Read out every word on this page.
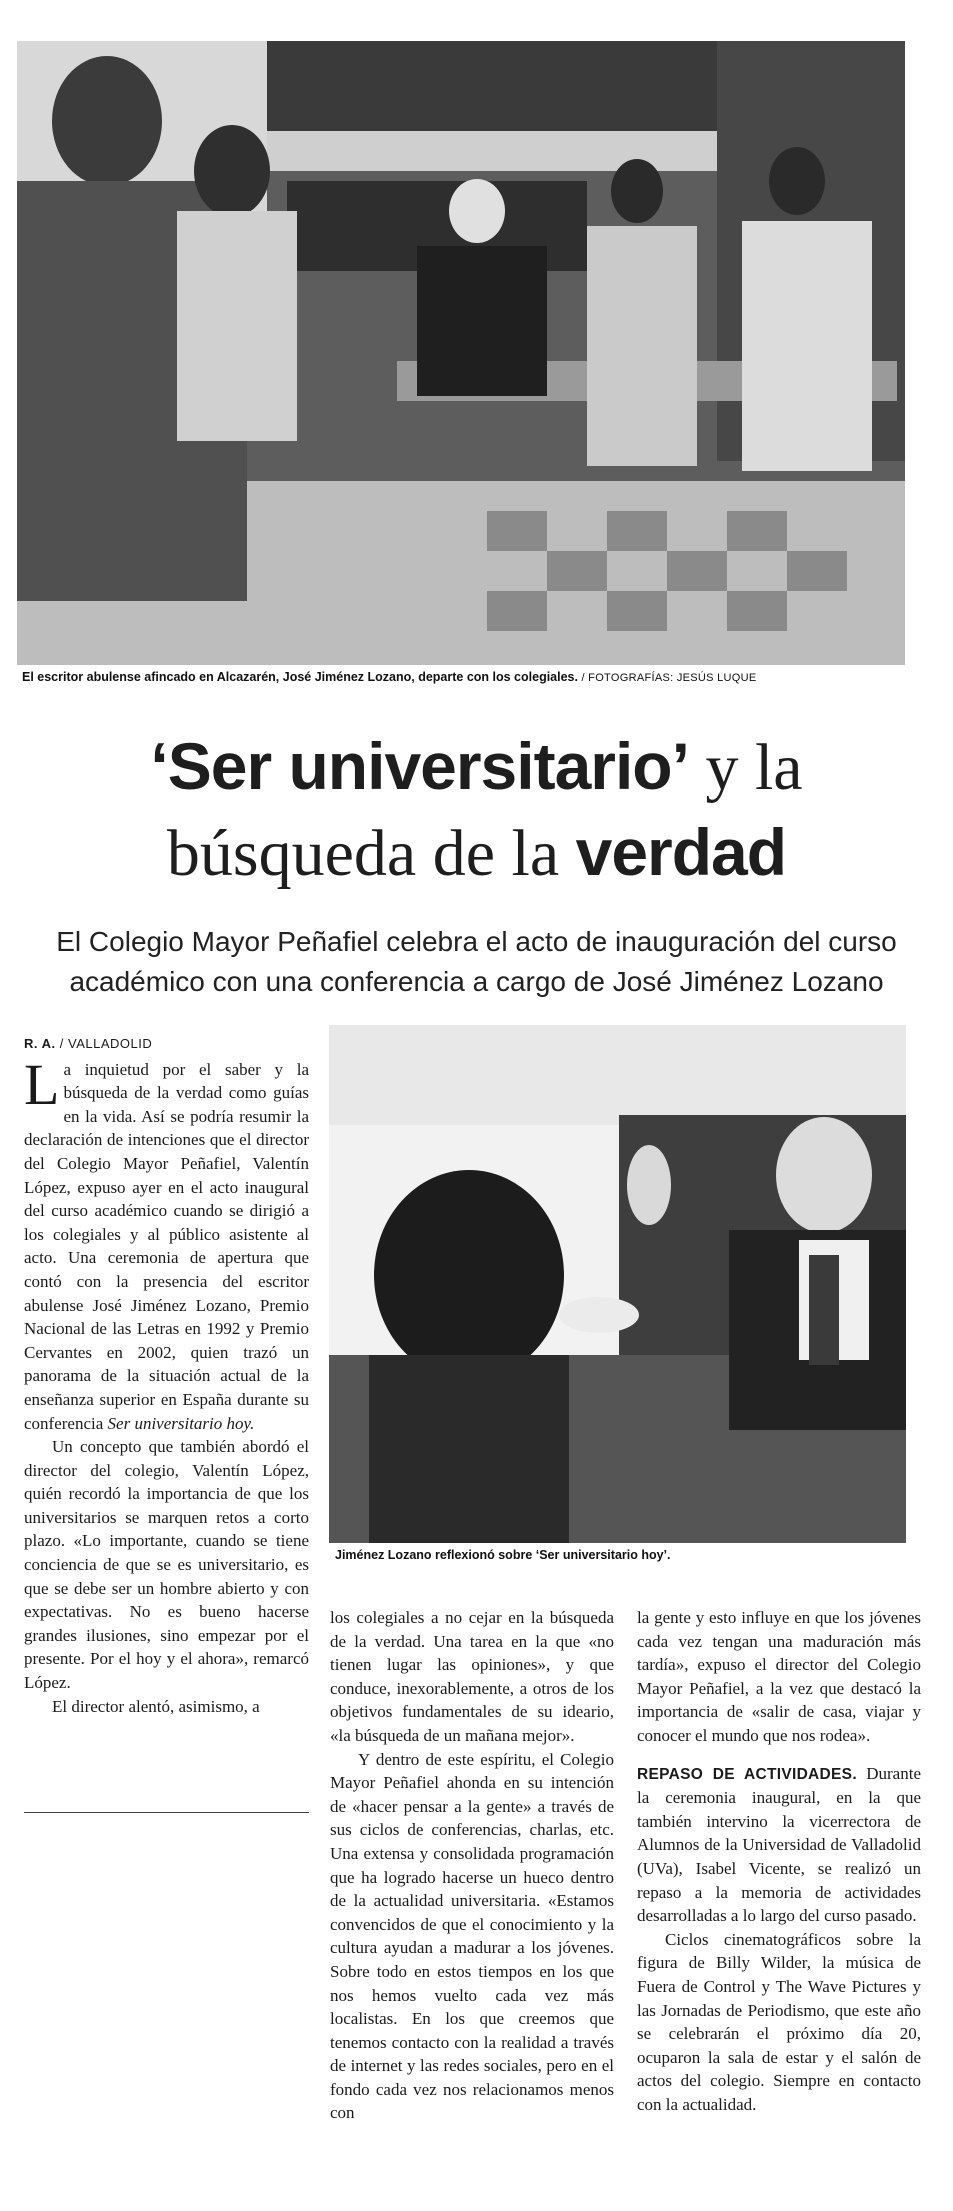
El escritor abulense afincado en Alcazarén, José Jiménez Lozano, departe con los colegiales. / FOTOGRAFÍAS: JESÚS LUQUE
‘Ser universitario’ y la
búsqueda de la verdad
El Colegio Mayor Peñafiel celebra el acto de inauguración del curso
académico con una conferencia a cargo de José Jiménez Lozano
Jiménez Lozano reflexionó sobre ‘Ser universitario hoy’.
R. A. / VALLADOLID

La inquietud por el saber y la búsqueda de la verdad como guías en la vida. Así se podría resumir la declaración de intenciones que el director del Colegio Mayor Peñafiel, Valentín López, expuso ayer en el acto inaugural del curso académico cuando se dirigió a los colegiales y al público asistente al acto. Una ceremonia de apertura que contó con la presencia del escritor abulense José Jiménez Lozano, Premio Nacional de las Letras en 1992 y Premio Cervantes en 2002, quien trazó un panorama de la situación actual de la enseñanza superior en España durante su conferencia Ser universitario hoy.

Un concepto que también abordó el director del colegio, Valentín López, quién recordó la importancia de que los universitarios se marquen retos a corto plazo. «Lo importante, cuando se tiene conciencia de que se es universitario, es que se debe ser un hombre abierto y con expectativas. No es bueno hacerse grandes ilusiones, sino empezar por el presente. Por el hoy y el ahora», remarcó López.

El director alentó, asimismo, a

los colegiales a no cejar en la búsqueda de la verdad. Una tarea en la que «no tienen lugar las opiniones», y que conduce, inexorablemente, a otros de los objetivos fundamentales de su ideario, «la búsqueda de un mañana mejor».

Y dentro de este espíritu, el Colegio Mayor Peñafiel ahonda en su intención de «hacer pensar a la gente» a través de sus ciclos de conferencias, charlas, etc. Una extensa y consolidada programación que ha logrado hacerse un hueco dentro de la actualidad universitaria. «Estamos convencidos de que el conocimiento y la cultura ayudan a madurar a los jóvenes. Sobre todo en estos tiempos en los que nos hemos vuelto cada vez más localistas. En los que creemos que tenemos contacto con la realidad a través de internet y las redes sociales, pero en el fondo cada vez nos relacionamos menos con

la gente y esto influye en que los jóvenes cada vez tengan una maduración más tardía», expuso el director del Colegio Mayor Peñafiel, a la vez que destacó la importancia de «salir de casa, viajar y conocer el mundo que nos rodea».

REPASO DE ACTIVIDADES. Durante la ceremonia inaugural, en la que también intervino la vicerrectora de Alumnos de la Universidad de Valladolid (UVa), Isabel Vicente, se realizó un repaso a la memoria de actividades desarrolladas a lo largo del curso pasado.

Ciclos cinematográficos sobre la figura de Billy Wilder, la música de Fuera de Control y The Wave Pictures y las Jornadas de Periodismo, que este año se celebrarán el próximo día 20, ocuparon la sala de estar y el salón de actos del colegio. Siempre en contacto con la actualidad.
